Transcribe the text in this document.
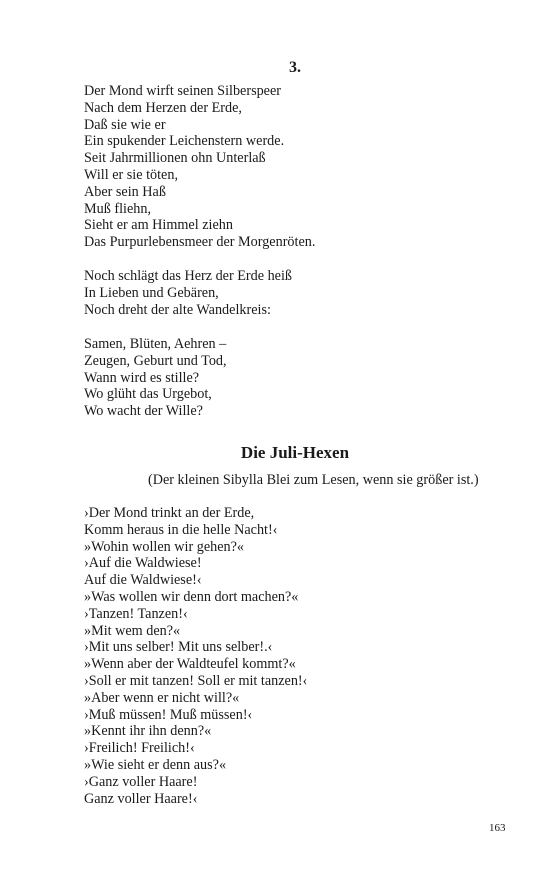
3.
Der Mond wirft seinen Silberspeer
Nach dem Herzen der Erde,
Daß sie wie er
Ein spukender Leichenstern werde.
Seit Jahrmillionen ohn Unterlaß
Will er sie töten,
Aber sein Haß
Muß fliehn,
Sieht er am Himmel ziehn
Das Purpurlebensmeer der Morgenröten.
Noch schlägt das Herz der Erde heiß
In Lieben und Gebären,
Noch dreht der alte Wandelkreis:
Samen, Blüten, Aehren –
Zeugen, Geburt und Tod,
Wann wird es stille?
Wo glüht das Urgebot,
Wo wacht der Wille?
Die Juli-Hexen
(Der kleinen Sibylla Blei zum Lesen, wenn sie größer ist.)
›Der Mond trinkt an der Erde,
Komm heraus in die helle Nacht!‹
»Wohin wollen wir gehen?«
›Auf die Waldwiese!
Auf die Waldwiese!‹
»Was wollen wir denn dort machen?«
›Tanzen! Tanzen!‹
»Mit wem den?«
›Mit uns selber! Mit uns selber!.‹
»Wenn aber der Waldteufel kommt?«
›Soll er mit tanzen! Soll er mit tanzen!‹
»Aber wenn er nicht will?«
›Muß müssen! Muß müssen!‹
»Kennt ihr ihn denn?«
›Freilich! Freilich!‹
»Wie sieht er denn aus?«
›Ganz voller Haare!
Ganz voller Haare!‹
163
